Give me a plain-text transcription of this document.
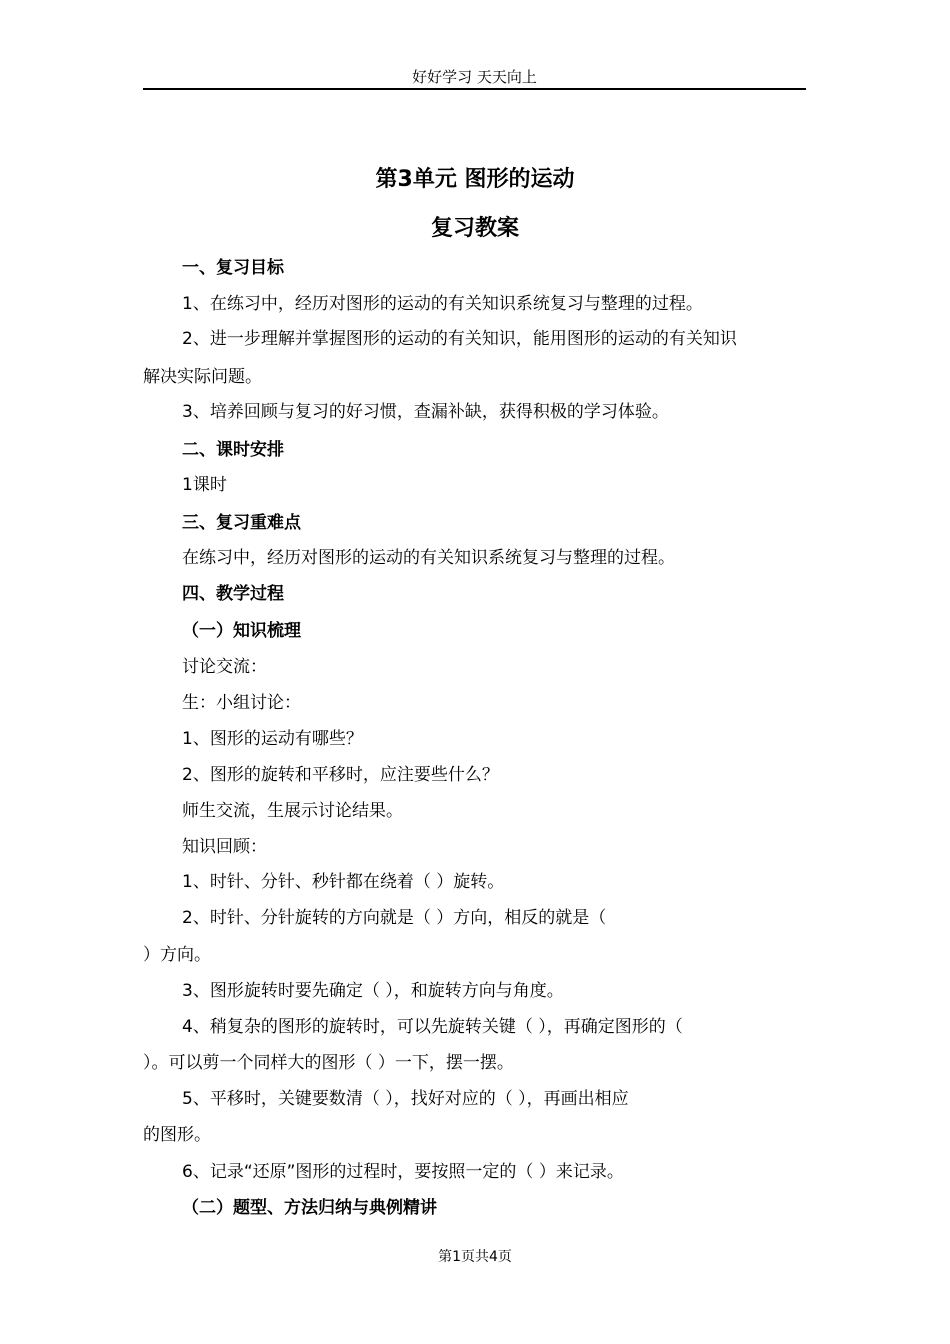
好好学习 天天向上
第3单元 图形的运动
复习教案
一、复习目标
1、在练习中，经历对图形的运动的有关知识系统复习与整理的过程。
2、进一步理解并掌握图形的运动的有关知识，能用图形的运动的有关知识
解决实际问题。
3、培养回顾与复习的好习惯，查漏补缺，获得积极的学习体验。
二、课时安排
1课时
三、复习重难点
在练习中，经历对图形的运动的有关知识系统复习与整理的过程。
四、教学过程
（一）知识梳理
讨论交流：
生：小组讨论：
1、图形的运动有哪些？
2、图形的旋转和平移时，应注要些什么？
师生交流，生展示讨论结果。
知识回顾：
1、时针、分针、秒针都在绕着（ ）旋转。
2、时针、分针旋转的方向就是（ ）方向，相反的就是（
）方向。
3、图形旋转时要先确定（ ），和旋转方向与角度。
4、稍复杂的图形的旋转时，可以先旋转关键（ ），再确定图形的（
）。可以剪一个同样大的图形（ ）一下，摆一摆。
5、平移时，关键要数清（ ），找好对应的（ ），再画出相应
的图形。
6、记录“还原”图形的过程时，要按照一定的（ ）来记录。
（二）题型、方法归纳与典例精讲
第1页共4页
